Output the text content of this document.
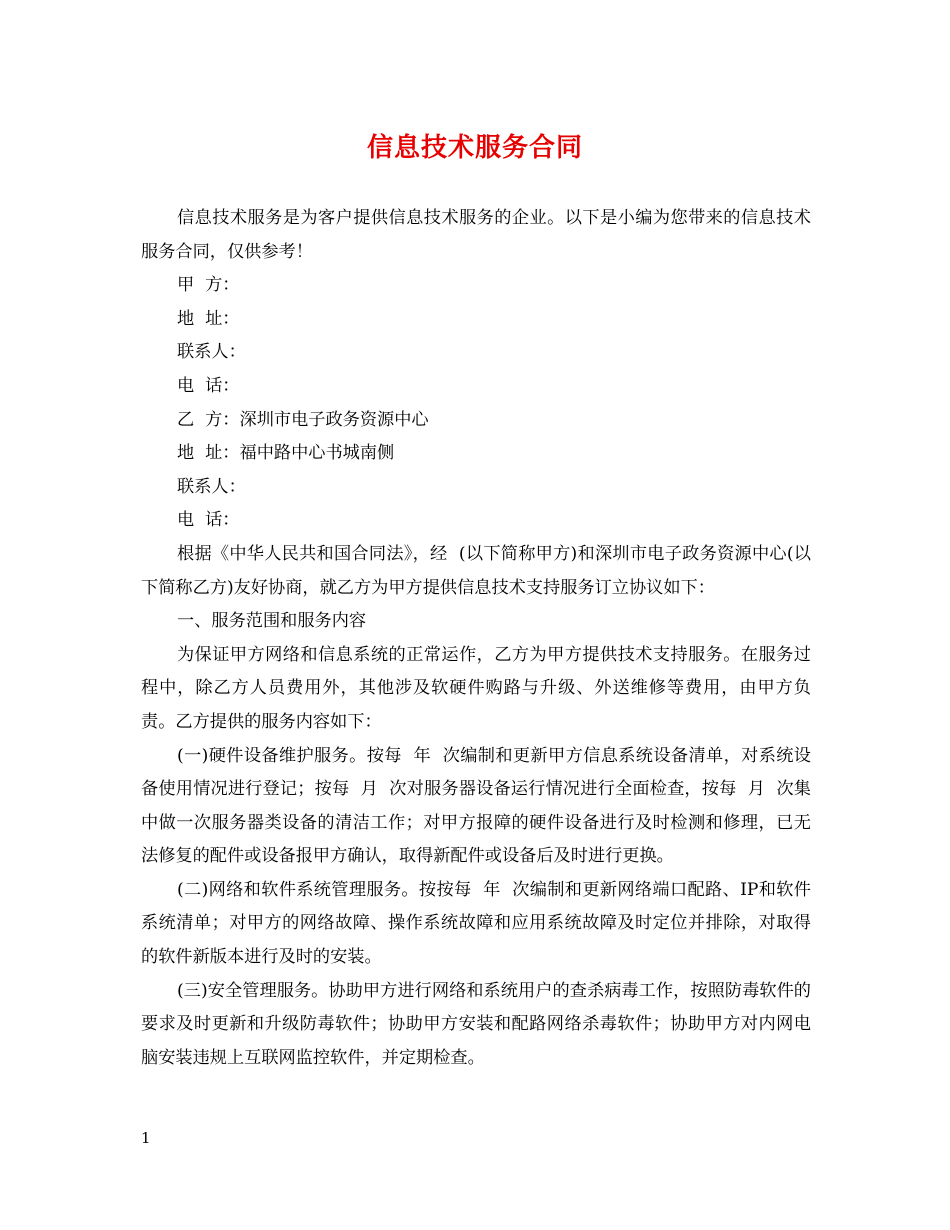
信息技术服务合同

信息技术服务是为客户提供信息技术服务的企业。以下是小编为您带来的信息技术服务合同，仅供参考！

甲  方：

地  址：

联系人：

电  话：

乙  方：深圳市电子政务资源中心

地  址：福中路中心书城南侧

联系人：

电  话：

根据《中华人民共和国合同法》，经  (以下简称甲方)和深圳市电子政务资源中心(以下简称乙方)友好协商，就乙方为甲方提供信息技术支持服务订立协议如下：

一、服务范围和服务内容

为保证甲方网络和信息系统的正常运作，乙方为甲方提供技术支持服务。在服务过程中，除乙方人员费用外，其他涉及软硬件购路与升级、外送维修等费用，由甲方负责。乙方提供的服务内容如下：

(一)硬件设备维护服务。按每  年  次编制和更新甲方信息系统设备清单，对系统设备使用情况进行登记；按每  月  次对服务器设备运行情况进行全面检查，按每  月  次集中做一次服务器类设备的清洁工作；对甲方报障的硬件设备进行及时检测和修理，已无法修复的配件或设备报甲方确认，取得新配件或设备后及时进行更换。

(二)网络和软件系统管理服务。按按每  年  次编制和更新网络端口配路、IP和软件系统清单；对甲方的网络故障、操作系统故障和应用系统故障及时定位并排除，对取得的软件新版本进行及时的安装。

(三)安全管理服务。协助甲方进行网络和系统用户的查杀病毒工作，按照防毒软件的要求及时更新和升级防毒软件；协助甲方安装和配路网络杀毒软件；协助甲方对内网电脑安装违规上互联网监控软件，并定期检查。

1
